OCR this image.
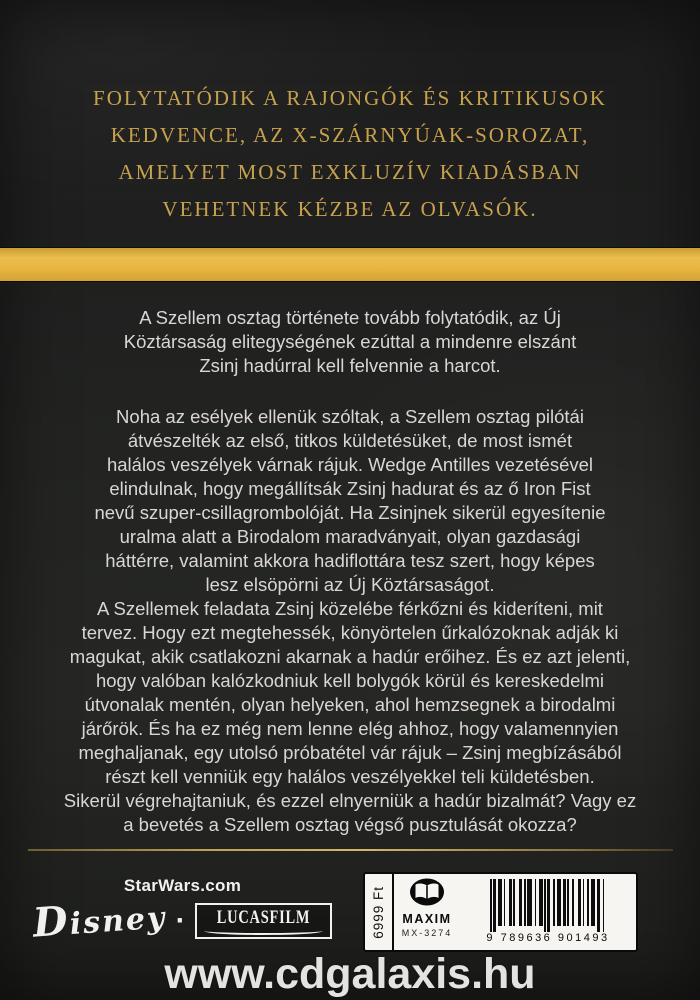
FOLYTATÓDIK A RAJONGÓK ÉS KRITIKUSOK
KEDVENCE, AZ X-SZÁRNYÚAK-SOROZAT,
AMELYET MOST EXKLUZÍV KIADÁSBAN
VEHETNEK KÉZBE AZ OLVASÓK.
A Szellem osztag története tovább folytatódik, az Új
Köztársaság elitegységének ezúttal a mindenre elszánt
Zsinj hadúrral kell felvennie a harcot.
Noha az esélyek ellenük szóltak, a Szellem osztag pilótái
átvészelték az első, titkos küldetésüket, de most ismét
halálos veszélyek várnak rájuk. Wedge Antilles vezetésével
elindulnak, hogy megállítsák Zsinj hadurat és az ő Iron Fist
nevű szuper-csillagrombolóját. Ha Zsinjnek sikerül egyesítenie
uralma alatt a Birodalom maradványait, olyan gazdasági
háttérre, valamint akkora hadiflottára tesz szert, hogy képes
lesz elsöpörni az Új Köztársaságot.
A Szellemek feladata Zsinj közelébe férkőzni és kideríteni, mit
tervez. Hogy ezt megtehessék, könyörtelen űrkalózoknak adják ki
magukat, akik csatlakozni akarnak a hadúr erőihez. És ez azt jelenti,
hogy valóban kalózkodniuk kell bolygók körül és kereskedelmi
útvonalak mentén, olyan helyeken, ahol hemzsegnek a birodalmi
járőrök. És ha ez még nem lenne elég ahhoz, hogy valamennyien
meghaljanak, egy utolsó próbatétel vár rájuk – Zsinj megbízásából
részt kell venniük egy halálos veszélyekkel teli küldetésben.
Sikerül végrehajtaniuk, és ezzel elnyerniük a hadúr bizalmát? Vagy ez
a bevetés a Szellem osztag végső pusztulását okozza?
StarWars.com
Disney ·	LUCASFILM	6999 Ft MAXIM
MX-3274	9 789636 901493
www.cdgalaxis.hu
